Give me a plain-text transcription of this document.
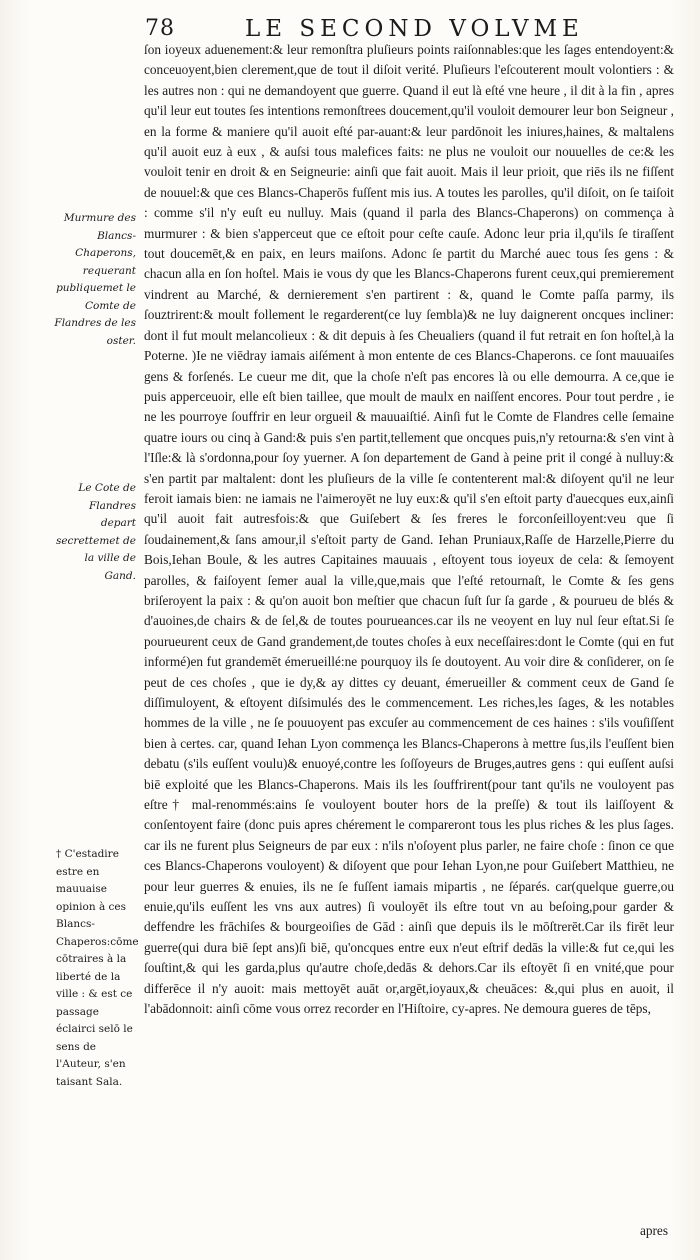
78	LE SECOND VOLVME
Murmure des Blancs-Chaperons, requerant publiquemet le Comte de Flandres de les oster.
Le Cote de Flandres depart secrettemet de la ville de Gand.
† C'estadire estre en mauuaise opinion à ces Blancs-Chaperos:cōme cōtraires à la liberté de la ville : & est ce passage éclairci selō le sens de l'Auteur, s'en taisant Sala.

ſon ioyeux aduenement:& leur remonſtra pluſieurs points raiſonnables:que les ſages entendoyent:& conceuoyent,bien clerement,que de tout il diſoit verité. Pluſieurs l'eſcouterent moult volontiers : & les autres non : qui ne demandoyent que guerre. Quand il eut là eſté vne heure , il dit à la fin , apres qu'il leur eut toutes ſes intentions remonſtrees doucement,qu'il vouloit demourer leur bon Seigneur , en la forme & maniere qu'il auoit eſté par-auant:& leur pardōnoit les iniures,haines, & maltalens qu'il auoit euz à eux , & auſsi tous malefices faits: ne plus ne vouloit our nouuelles de ce:& les vouloit tenir en droit & en Seigneurie: ainſi que fait auoit. Mais il leur prioit, que riēs ils ne fiſſent de nouuel:& que ces Blancs-Chaperōs fuſſent mis ius. A toutes les parolles, qu'il diſoit, on ſe taiſoit : comme s'il n'y euſt eu nulluy. Mais (quand il parla des Blancs-Chaperons) on commença à murmurer : & bien s'apperceut que ce eſtoit pour ceſte cauſe. Adonc leur pria il,qu'ils ſe tiraſſent tout doucemēt,& en paix, en leurs maiſons. Adonc ſe partit du Marché auec tous ſes gens : & chacun alla en ſon hoſtel. Mais ie vous dy que les Blancs-Chaperons furent ceux,qui premierement vindrent au Marché, & dernierement s'en partirent : &, quand le Comte paſſa parmy, ils ſouztrirent:& moult follement le regarderent(ce luy ſembla)& ne luy daignerent oncques incliner: dont il fut moult melancolieux : & dit depuis à ſes Cheualiers (quand il fut retrait en ſon hoſtel,à la Poterne. )Ie ne viēdray iamais aiſément à mon entente de ces Blancs-Chaperons. ce ſont mauuaiſes gens & forſenés. Le cueur me dit, que la choſe n'eſt pas encores là ou elle demourra. A ce,que ie puis apperceuoir, elle eſt bien taillee, que moult de maulx en naiſſent encores. Pour tout perdre , ie ne les pourroye ſouffrir en leur orgueil & mauuaiſtié. Ainſi fut le Comte de Flandres celle ſemaine quatre iours ou cinq à Gand:& puis s'en partit,tellement que oncques puis,n'y retourna:& s'en vint à l'Iſle:& là s'ordonna,pour ſoy yuerner. A ſon departement de Gand à peine prit il congé à nulluy:& s'en partit par maltalent: dont les pluſieurs de la ville ſe contenterent mal:& diſoyent qu'il ne leur feroit iamais bien: ne iamais ne l'aimeroyēt ne luy eux:& qu'il s'en eſtoit party d'auecques eux,ainſi qu'il auoit fait autresfois:& que Guiſebert & ſes freres le forconſeilloyent:veu que ſi ſoudainement,& ſans amour,il s'eſtoit party de Gand. Iehan Pruniaux,Raſſe de Harzelle,Pierre du Bois,Iehan Boule, & les autres Capitaines mauuais , eſtoyent tous ioyeux de cela: & ſemoyent parolles, & faiſoyent ſemer aual la ville,que,mais que l'eſté retournaſt, le Comte & ſes gens briſeroyent la paix : & qu'on auoit bon meſtier que chacun ſuſt ſur ſa garde , & pourueu de blés & d'auoines,de chairs & de ſel,& de toutes pourueances.car ils ne veoyent en luy nul ſeur eſtat.Si ſe pourueurent ceux de Gand grandement,de toutes choſes à eux neceſſaires:dont le Comte (qui en fut informé)en fut grandemēt émerueillé:ne pourquoy ils ſe doutoyent. Au voir dire & conſiderer, on ſe peut de ces choſes , que ie dy,& ay dittes cy deuant, émerueiller & comment ceux de Gand ſe diſſimuloyent, & eſtoyent diſsimulés des le commencement. Les riches,les ſages, & les notables hommes de la ville , ne ſe pouuoyent pas excuſer au commencement de ces haines : s'ils vouſiſſent bien à certes. car, quand Iehan Lyon commença les Blancs-Chaperons à mettre ſus,ils l'euſſent bien debatu (s'ils euſſent voulu)& enuoyé,contre les ſoſſoyeurs de Bruges,autres gens : qui euſſent auſsi biē exploité que les Blancs-Chaperons. Mais ils les ſouffrirent(pour tant qu'ils ne vouloyent pas eſtre† mal-renommés:ains ſe vouloyent bouter hors de la preſſe) & tout ils laiſſoyent & conſentoyent faire (donc puis apres chérement le compareront tous les plus riches & les plus ſages. car ils ne furent plus Seigneurs de par eux : n'ils n'oſoyent plus parler, ne faire choſe : ſinon ce que ces Blancs-Chaperons vouloyent) & diſoyent que pour Iehan Lyon,ne pour Guiſebert Matthieu, ne pour leur guerres & enuies, ils ne ſe fuſſent iamais mipartis , ne ſéparés. car(quelque guerre,ou enuie,qu'ils euſſent les vns aux autres) ſi vouloyēt ils eſtre tout vn au beſoing,pour garder & deffendre les frāchiſes & bourgeoiſies de Gād : ainſi que depuis ils le mōſtrerēt.Car ils firēt leur guerre(qui dura biē ſept ans)ſi biē, qu'oncques entre eux n'eut eſtrif dedās la ville:& fut ce,qui les ſouſtint,& qui les garda,plus qu'autre choſe,dedās & dehors.Car ils eſtoyēt ſi en vnité,que pour differēce il n'y auoit: mais mettoyēt auāt or,argēt,ioyaux,& cheuāces: &,qui plus en auoit, il l'abādonnoit: ainſi cōme vous orrez recorder en l'Hiſtoire, cy-apres. Ne demoura gueres de tēps,

apres
